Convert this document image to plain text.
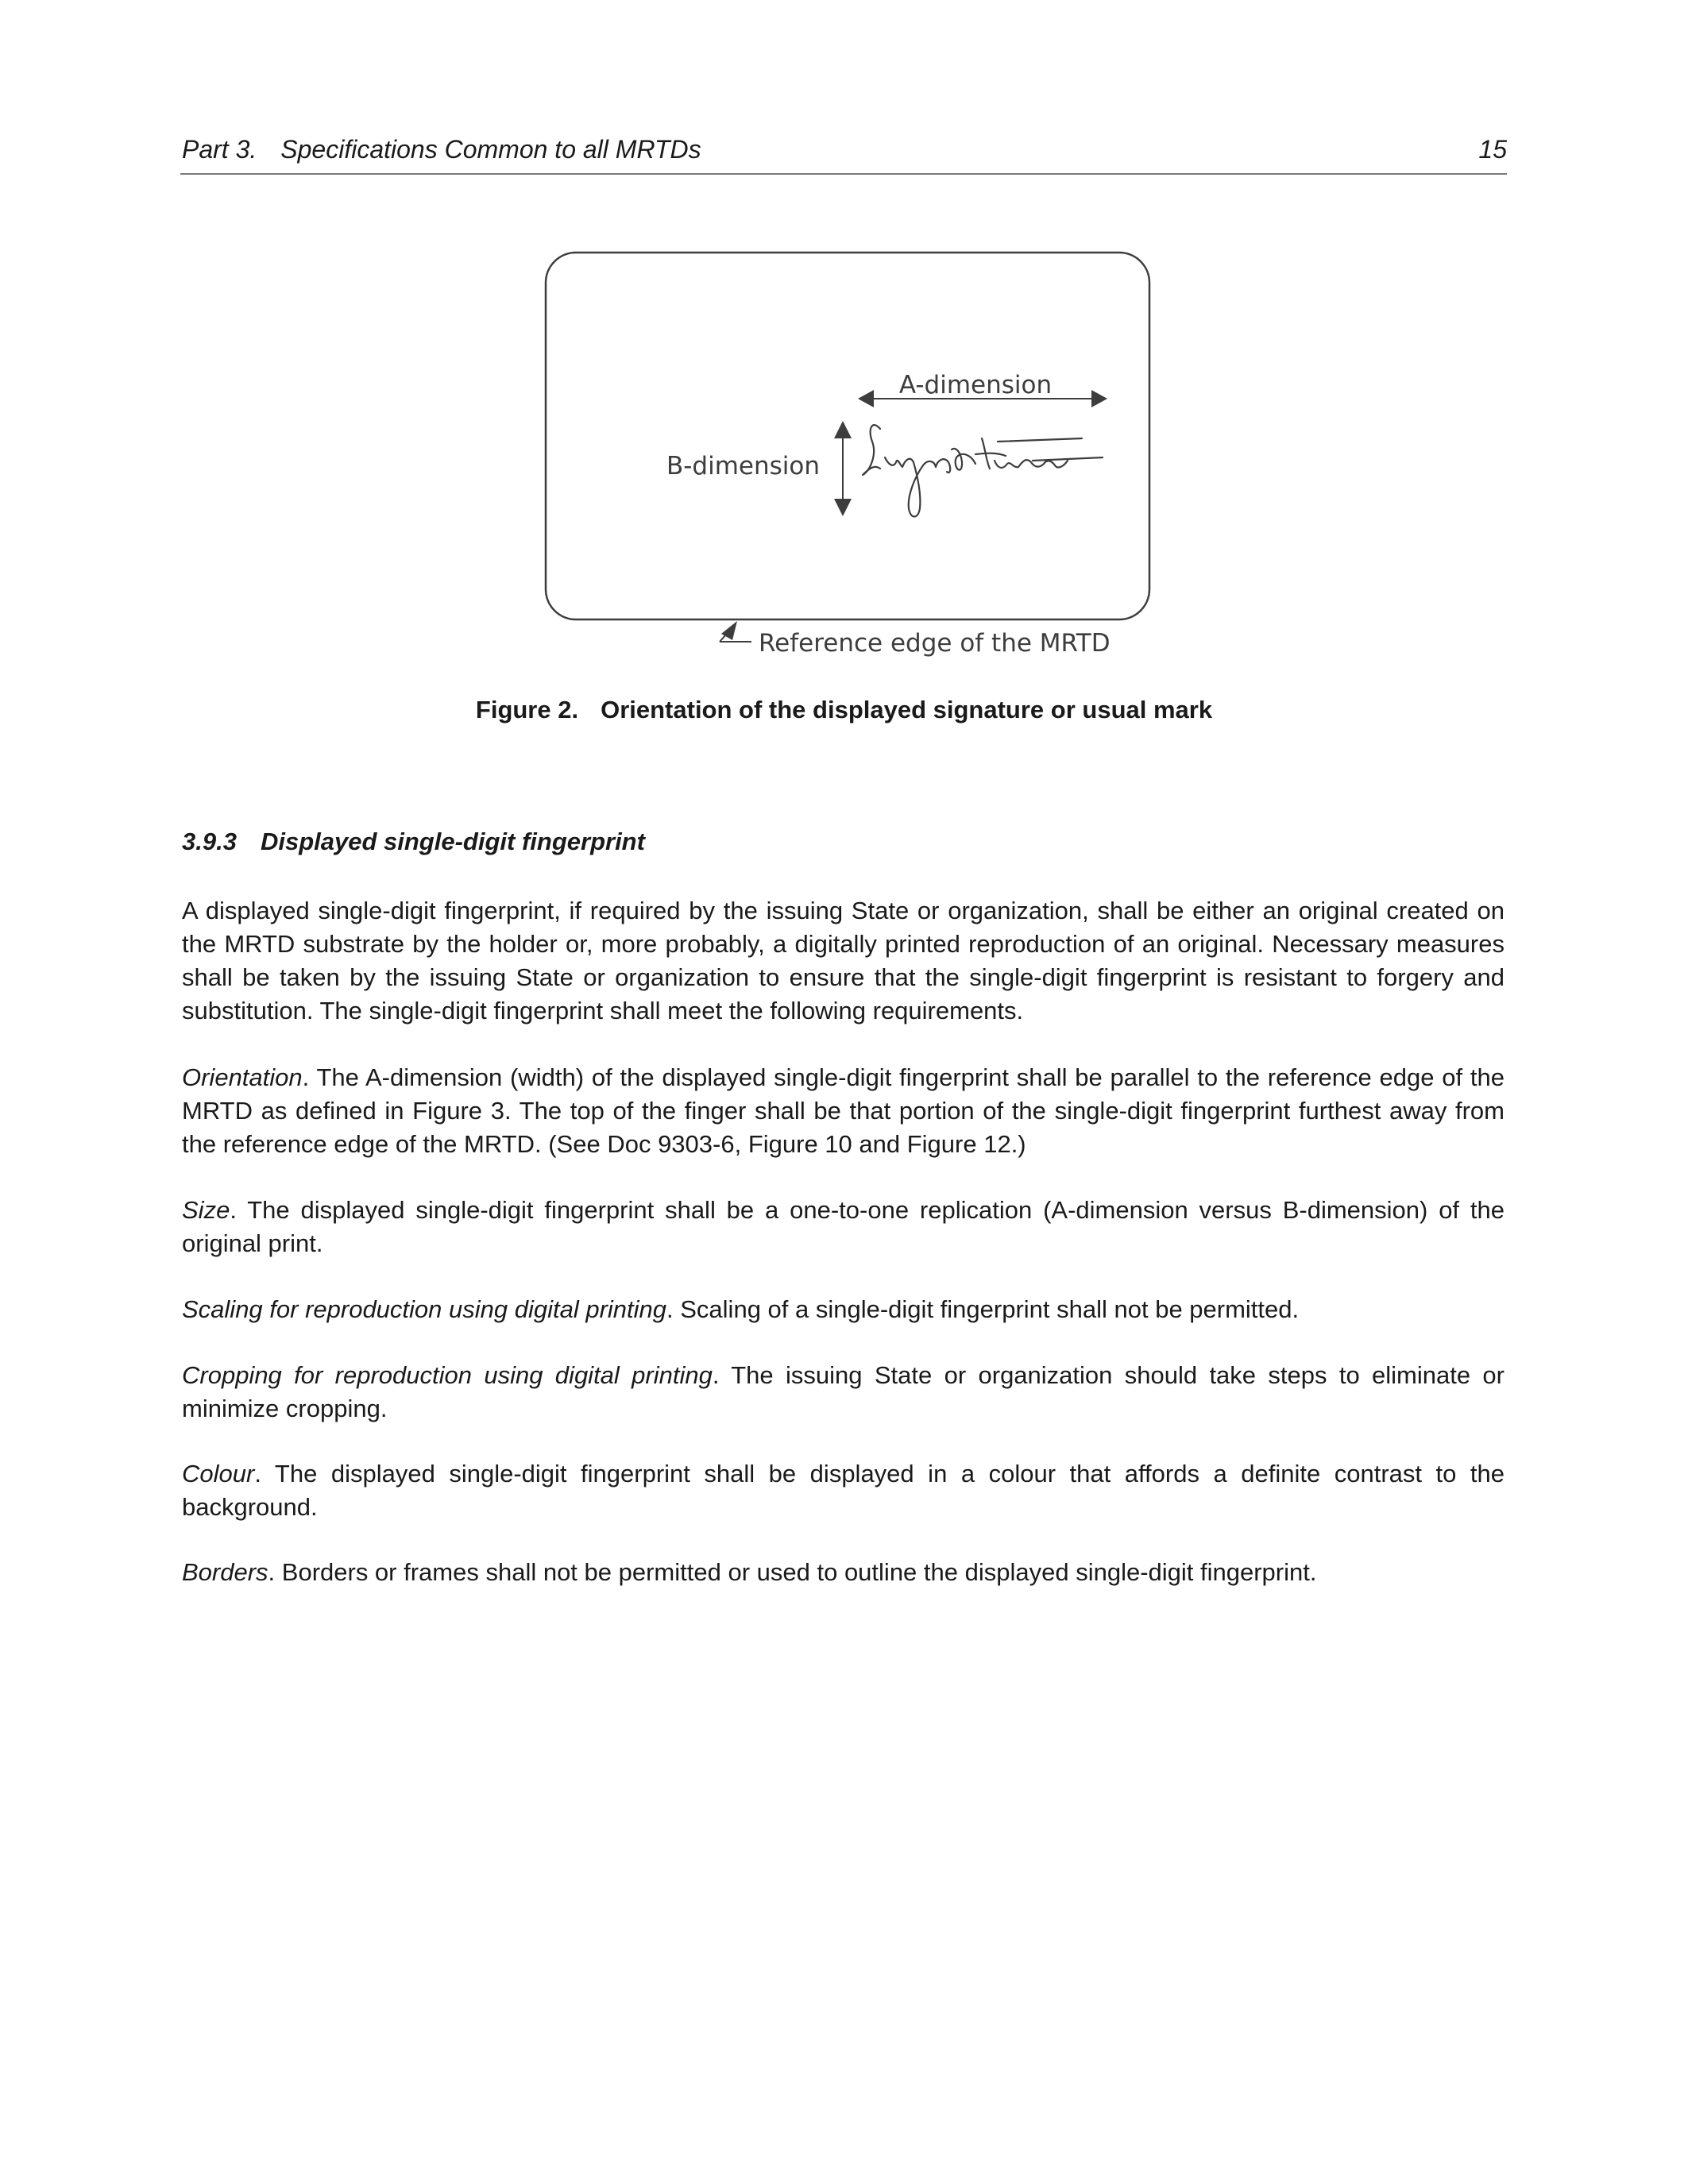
Part 3. Specifications Common to all MRTDs	15
A-dimension
B-dimension
Reference edge of the MRTD
Figure 2. Orientation of the displayed signature or usual mark
3.9.3 Displayed single-digit fingerprint
A displayed single-digit fingerprint, if required by the issuing State or organization, shall be either an original created on the MRTD substrate by the holder or, more probably, a digitally printed reproduction of an original. Necessary measures shall be taken by the issuing State or organization to ensure that the single-digit fingerprint is resistant to forgery and substitution. The single-digit fingerprint shall meet the following requirements.
Orientation. The A-dimension (width) of the displayed single-digit fingerprint shall be parallel to the reference edge of the MRTD as defined in Figure 3. The top of the finger shall be that portion of the single-digit fingerprint furthest away from the reference edge of the MRTD. (See Doc 9303-6, Figure 10 and Figure 12.)
Size. The displayed single-digit fingerprint shall be a one-to-one replication (A-dimension versus B-dimension) of the original print.
Scaling for reproduction using digital printing. Scaling of a single-digit fingerprint shall not be permitted.
Cropping for reproduction using digital printing. The issuing State or organization should take steps to eliminate or minimize cropping.
Colour. The displayed single-digit fingerprint shall be displayed in a colour that affords a definite contrast to the background.
Borders. Borders or frames shall not be permitted or used to outline the displayed single-digit fingerprint.
